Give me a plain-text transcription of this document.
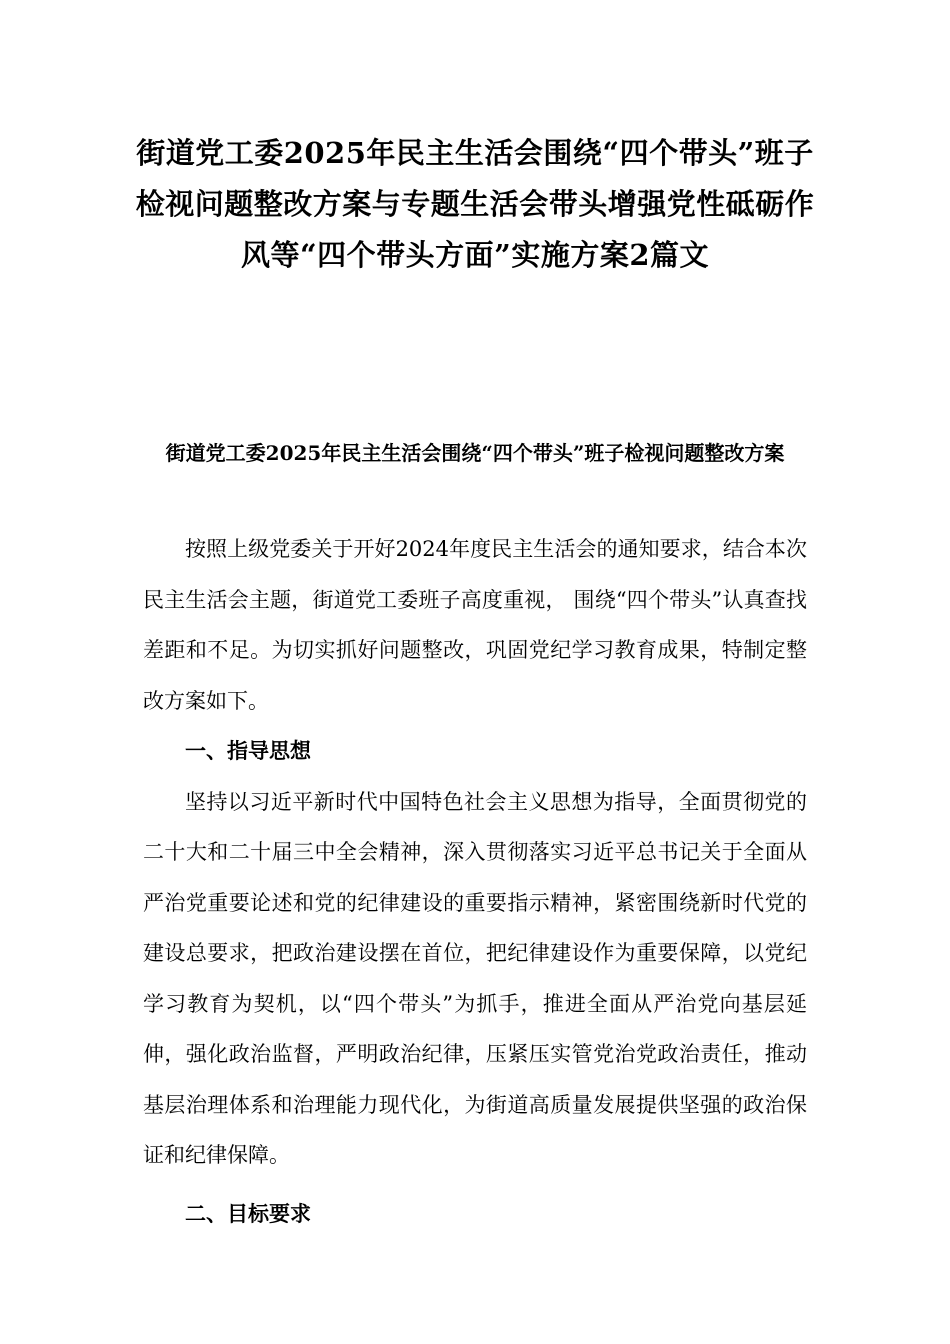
街道党工委2025年民主生活会围绕“四个带头”班子检视问题整改方案与专题生活会带头增强党性砥砺作风等“四个带头方面”实施方案2篇文
街道党工委2025年民主生活会围绕“四个带头”班子检视问题整改方案

按照上级党委关于开好2024年度民主生活会的通知要求，结合本次民主生活会主题，街道党工委班子高度重视， 围绕“四个带头”认真查找差距和不足。为切实抓好问题整改，巩固党纪学习教育成果，特制定整改方案如下。

一、指导思想

坚持以习近平新时代中国特色社会主义思想为指导，全面贯彻党的二十大和二十届三中全会精神，深入贯彻落实习近平总书记关于全面从严治党重要论述和党的纪律建设的重要指示精神，紧密围绕新时代党的建设总要求，把政治建设摆在首位，把纪律建设作为重要保障，以党纪学习教育为契机，以“四个带头”为抓手，推进全面从严治党向基层延伸，强化政治监督，严明政治纪律，压紧压实管党治党政治责任，推动基层治理体系和治理能力现代化，为街道高质量发展提供坚强的政治保证和纪律保障。

二、目标要求
